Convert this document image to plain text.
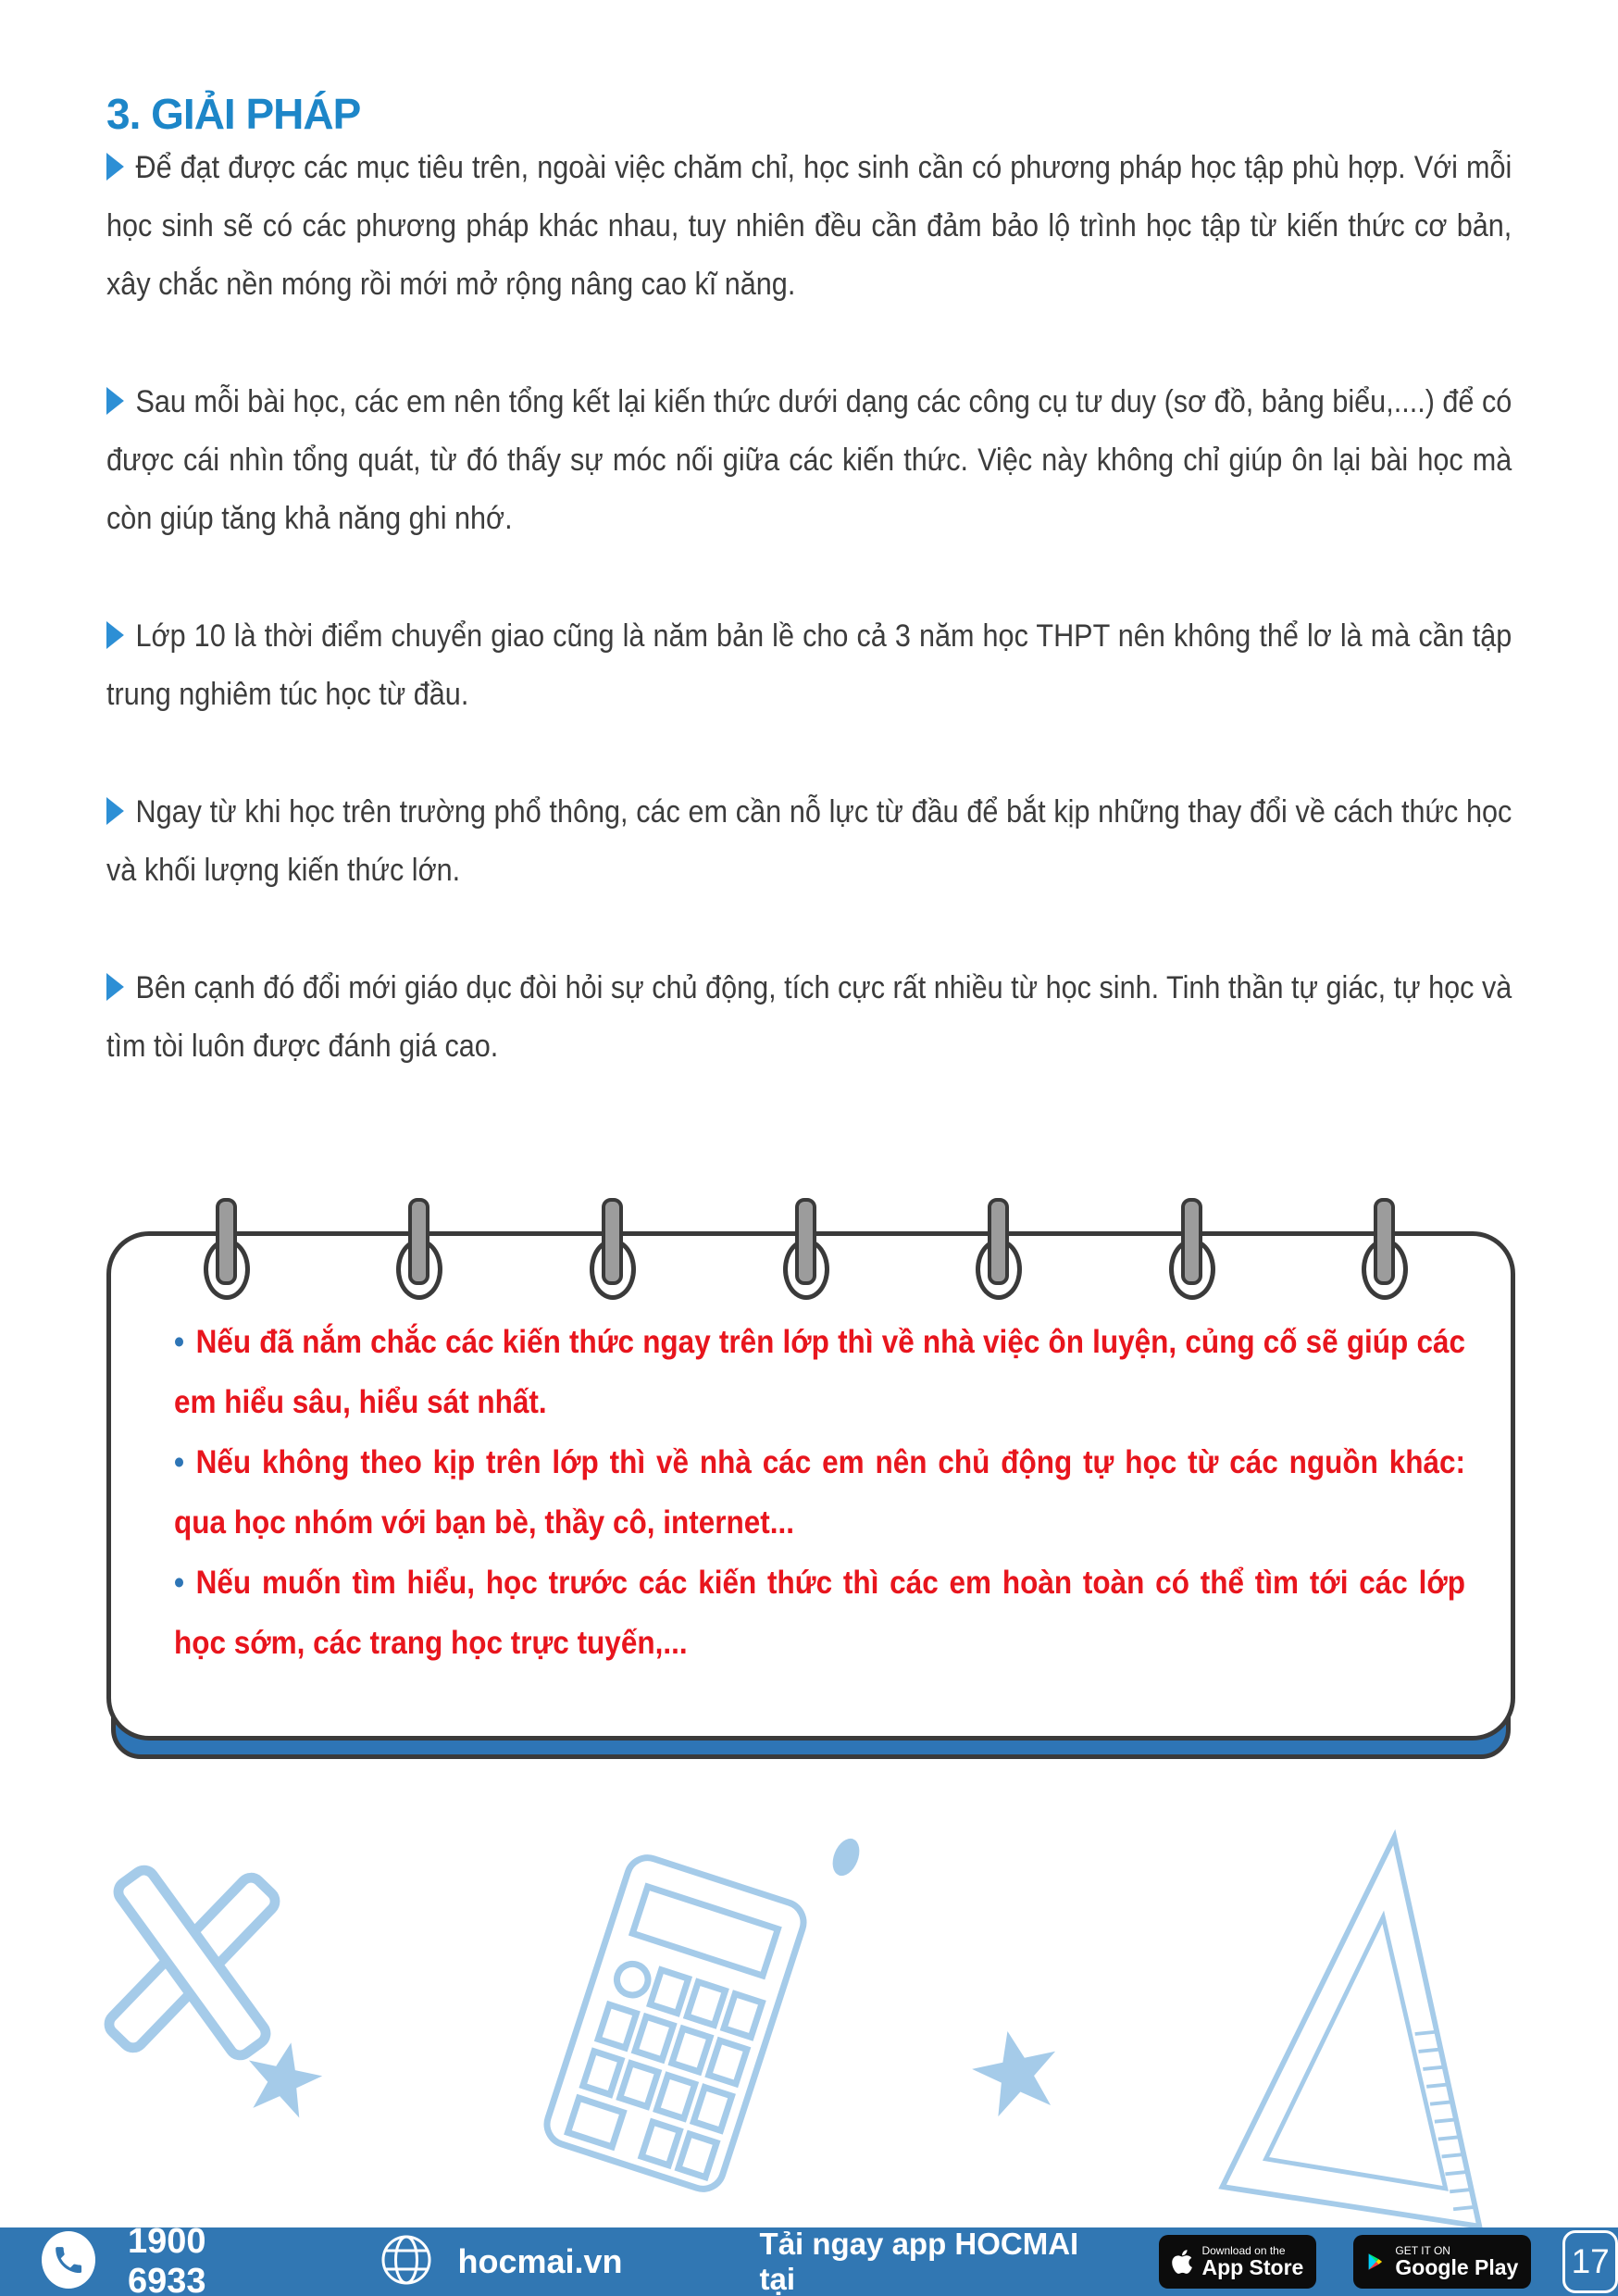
3. GIẢI PHÁP

Để đạt được các mục tiêu trên, ngoài việc chăm chỉ, học sinh cần có phương pháp học tập phù hợp. Với mỗi học sinh sẽ có các phương pháp khác nhau, tuy nhiên đều cần đảm bảo lộ trình học tập từ kiến thức cơ bản, xây chắc nền móng rồi mới mở rộng nâng cao kĩ năng.

Sau mỗi bài học, các em nên tổng kết lại kiến thức dưới dạng các công cụ tư duy (sơ đồ, bảng biểu,....) để có được cái nhìn tổng quát, từ đó thấy sự móc nối giữa các kiến thức. Việc này không chỉ giúp ôn lại bài học mà còn giúp tăng khả năng ghi nhớ.

Lớp 10 là thời điểm chuyển giao cũng là năm bản lề cho cả 3 năm học THPT nên không thể lơ là mà cần tập trung nghiêm túc học từ đầu.

Ngay từ khi học trên trường phổ thông, các em cần nỗ lực từ đầu để bắt kịp những thay đổi về cách thức học và khối lượng kiến thức lớn.

Bên cạnh đó đổi mới giáo dục đòi hỏi sự chủ động, tích cực rất nhiều từ học sinh. Tinh thần tự giác, tự học và tìm tòi luôn được đánh giá cao.

• Nếu đã nắm chắc các kiến thức ngay trên lớp thì về nhà việc ôn luyện, củng cố sẽ giúp các em hiểu sâu, hiểu sát nhất.

• Nếu không theo kịp trên lớp thì về nhà các em nên chủ động tự học từ các nguồn khác: qua học nhóm với bạn bè, thầy cô, internet...

• Nếu muốn tìm hiểu, học trước các kiến thức thì các em hoàn toàn có thể tìm tới các lớp học sớm, các trang học trực tuyến,...

1900 6933
hocmai.vn	Tải ngay app HOCMAI tại
Download on the
App Store
GET IT ON
Google Play 17
